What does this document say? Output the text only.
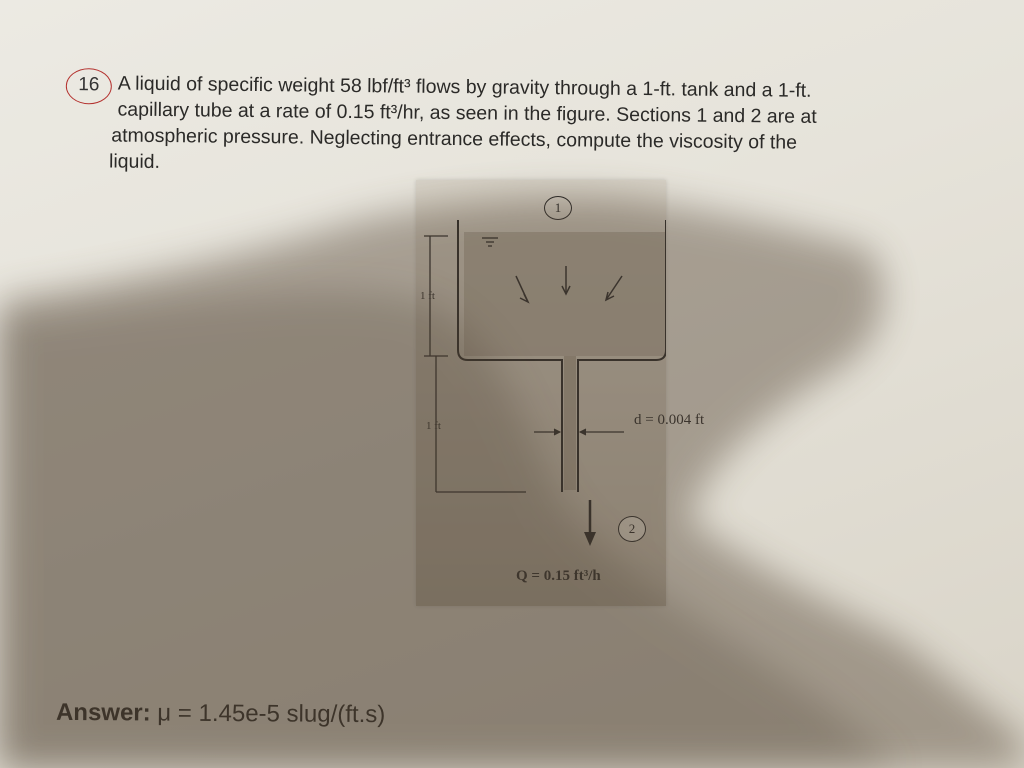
16 A liquid of specific weight 58 lbf/ft³ flows by gravity through a 1-ft. tank and a 1-ft.
capillary tube at a rate of 0.15 ft³/hr, as seen in the figure. Sections 1 and 2 are at
atmospheric pressure. Neglecting entrance effects, compute the viscosity of the
liquid.
1
2
1 ft
1 ft	d = 0.004 ft
Q = 0.15 ft³/h
Answer: μ = 1.45e-5 slug/(ft.s)
